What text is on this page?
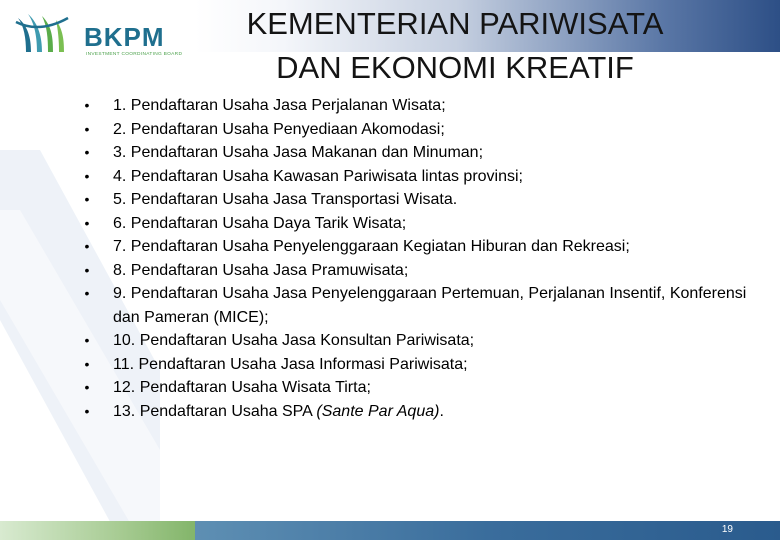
BKPM
INVESTMENT COORDINATING BOARD
KEMENTERIAN PARIWISATA
DAN EKONOMI KREATIF
• 1. Pendaftaran Usaha Jasa Perjalanan Wisata;
• 2. Pendaftaran Usaha Penyediaan Akomodasi;
• 3. Pendaftaran Usaha Jasa Makanan dan Minuman;
• 4. Pendaftaran Usaha Kawasan Pariwisata lintas provinsi;
• 5. Pendaftaran Usaha Jasa Transportasi Wisata.
• 6. Pendaftaran Usaha Daya Tarik Wisata;
• 7. Pendaftaran Usaha Penyelenggaraan Kegiatan Hiburan dan Rekreasi;
• 8. Pendaftaran Usaha Jasa Pramuwisata;
• 9. Pendaftaran Usaha Jasa Penyelenggaraan Pertemuan, Perjalanan Insentif, Konferensi dan Pameran (MICE);
• 10. Pendaftaran Usaha Jasa Konsultan Pariwisata;
• 11. Pendaftaran Usaha Jasa Informasi Pariwisata;
• 12. Pendaftaran Usaha Wisata Tirta;
• 13. Pendaftaran Usaha SPA (Sante Par Aqua).
19
